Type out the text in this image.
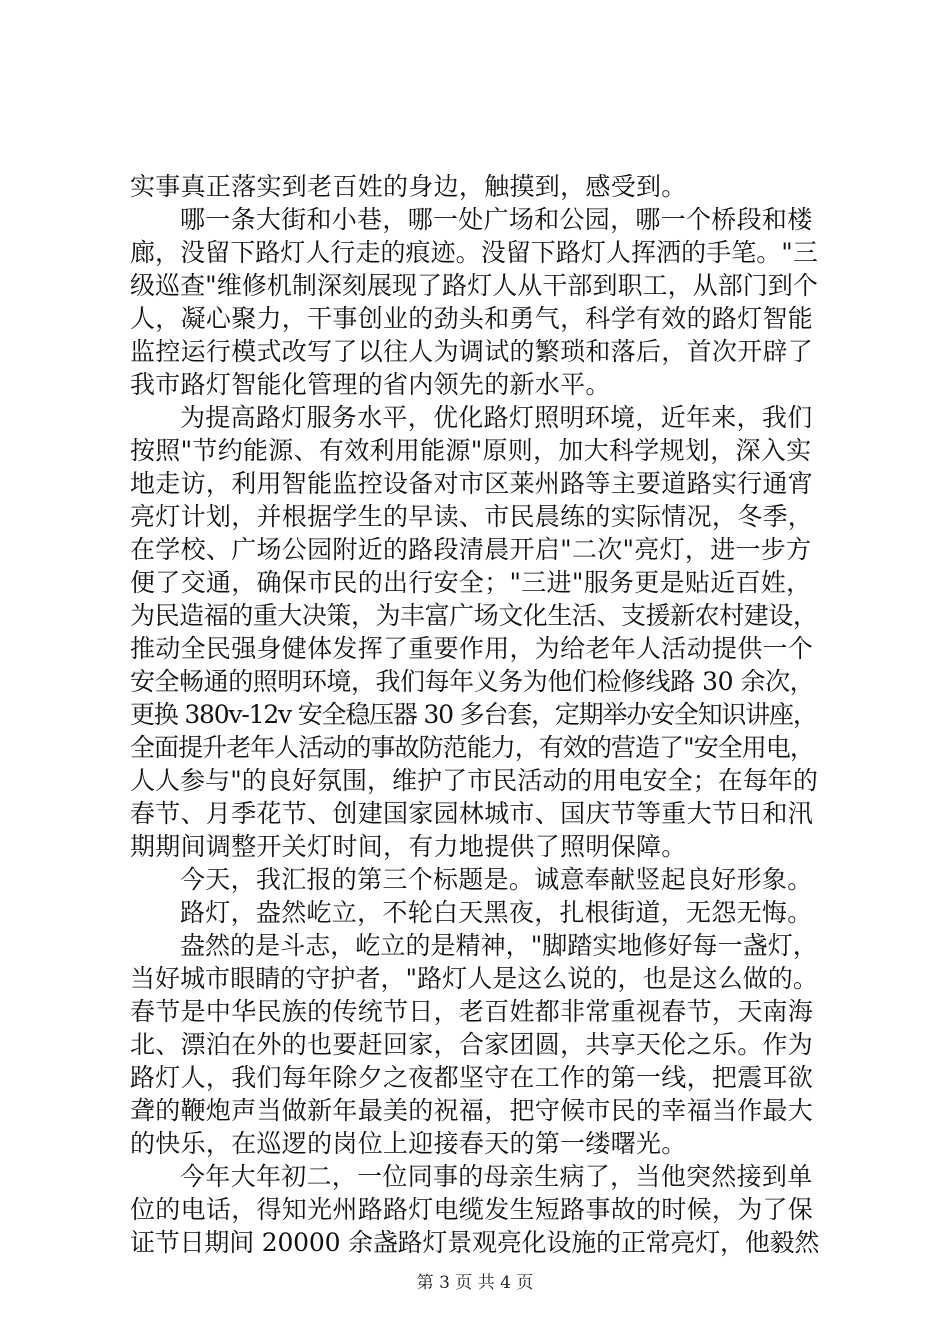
实事真正落实到老百姓的身边，触摸到，感受到。
哪一条大街和小巷，哪一处广场和公园，哪一个桥段和楼
廊，没留下路灯人行走的痕迹。没留下路灯人挥洒的手笔。"三
级巡查"维修机制深刻展现了路灯人从干部到职工，从部门到个
人，凝心聚力，干事创业的劲头和勇气，科学有效的路灯智能
监控运行模式改写了以往人为调试的繁琐和落后，首次开辟了
我市路灯智能化管理的省内领先的新水平。
为提高路灯服务水平，优化路灯照明环境，近年来，我们
按照"节约能源、有效利用能源"原则，加大科学规划，深入实
地走访，利用智能监控设备对市区莱州路等主要道路实行通宵
亮灯计划，并根据学生的早读、市民晨练的实际情况，冬季，
在学校、广场公园附近的路段清晨开启"二次"亮灯，进一步方
便了交通，确保市民的出行安全；"三进"服务更是贴近百姓，
为民造福的重大决策，为丰富广场文化生活、支援新农村建设，
推动全民强身健体发挥了重要作用，为给老年人活动提供一个
安全畅通的照明环境，我们每年义务为他们检修线路 30 余次，
更换 380v-12v 安全稳压器 30 多台套，定期举办安全知识讲座，
全面提升老年人活动的事故防范能力，有效的营造了"安全用电，
人人参与"的良好氛围，维护了市民活动的用电安全；在每年的
春节、月季花节、创建国家园林城市、国庆节等重大节日和汛
期期间调整开关灯时间，有力地提供了照明保障。
今天，我汇报的第三个标题是。诚意奉献竖起良好形象。
路灯，盎然屹立，不轮白天黑夜，扎根街道，无怨无悔。
盎然的是斗志，屹立的是精神，"脚踏实地修好每一盏灯，
当好城市眼睛的守护者，"路灯人是这么说的，也是这么做的。
春节是中华民族的传统节日，老百姓都非常重视春节，天南海
北、漂泊在外的也要赶回家，合家团圆，共享天伦之乐。作为
路灯人，我们每年除夕之夜都坚守在工作的第一线，把震耳欲
聋的鞭炮声当做新年最美的祝福，把守候市民的幸福当作最大
的快乐，在巡逻的岗位上迎接春天的第一缕曙光。
今年大年初二，一位同事的母亲生病了，当他突然接到单
位的电话，得知光州路路灯电缆发生短路事故的时候，为了保
证节日期间 20000 余盏路灯景观亮化设施的正常亮灯，他毅然
第 3 页 共 4 页
